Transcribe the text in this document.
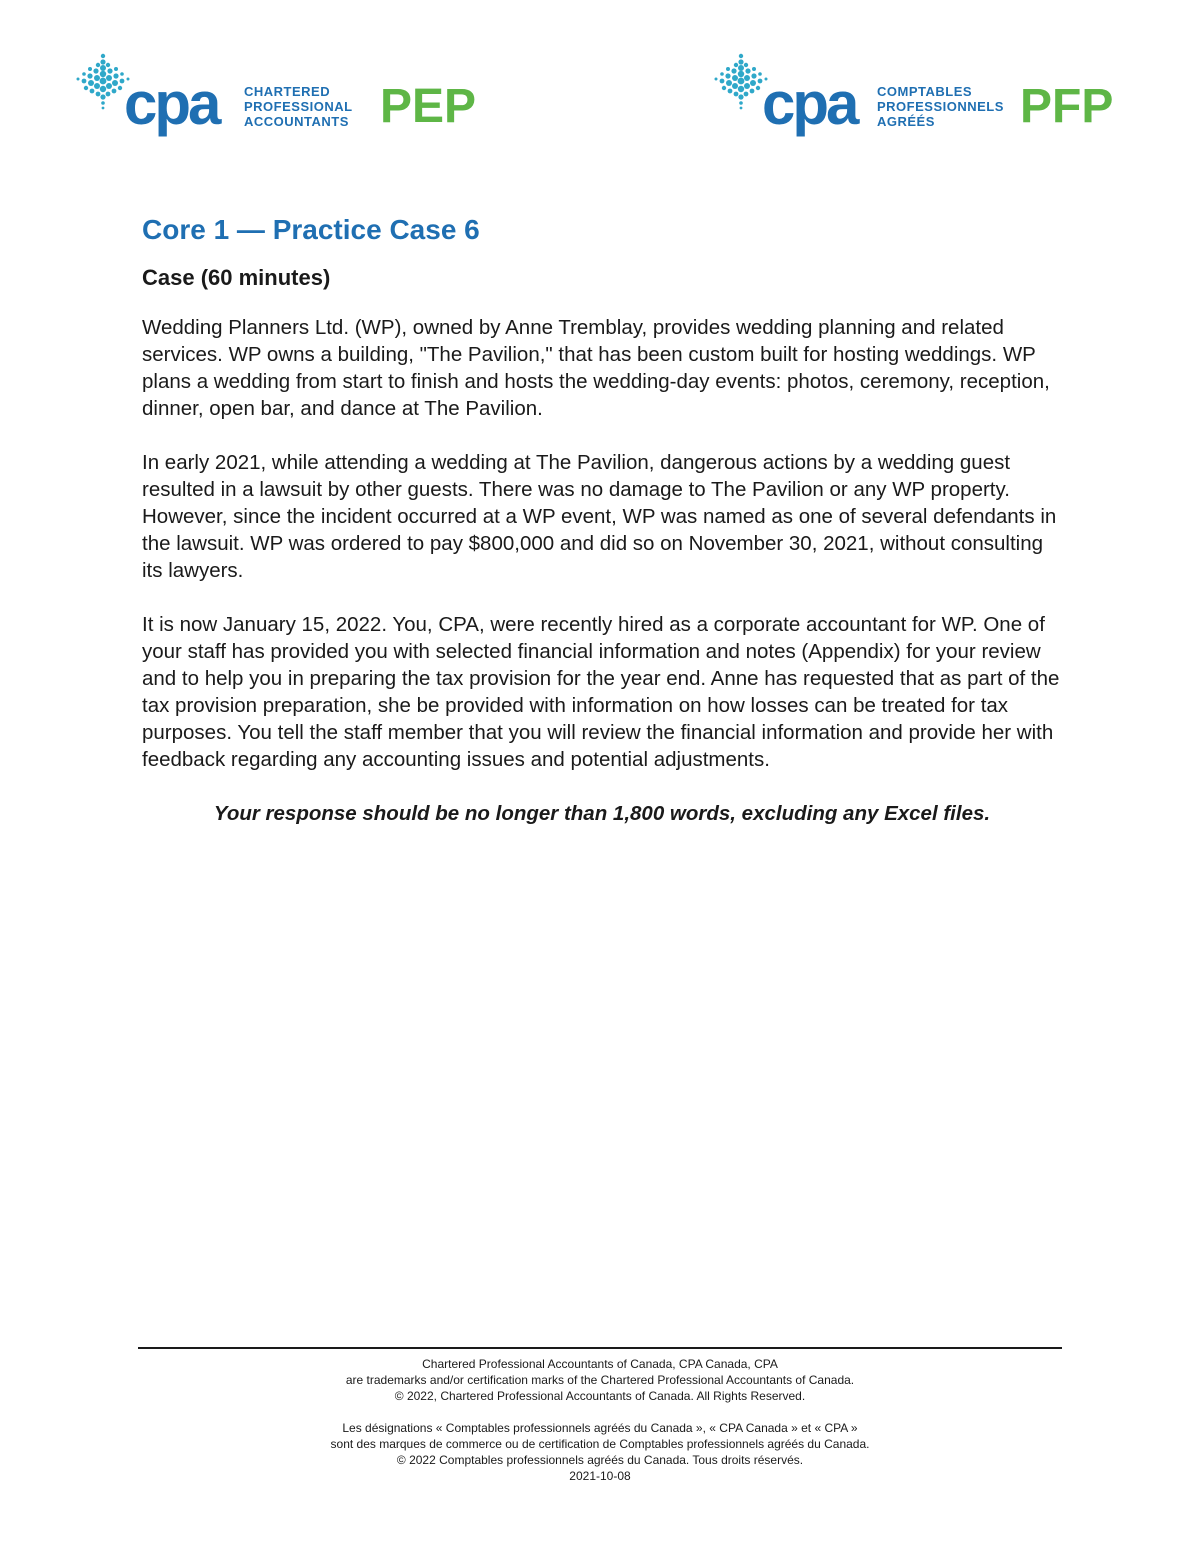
cpa CHARTERED
PROFESSIONAL
ACCOUNTANTS PEP	cpa COMPTABLES
PROFESSIONNELS
AGRÉÉS	PFP
Core 1 — Practice Case 6
Case (60 minutes)

Wedding Planners Ltd. (WP), owned by Anne Tremblay, provides wedding planning and related services. WP owns a building, "The Pavilion," that has been custom built for hosting weddings. WP plans a wedding from start to finish and hosts the wedding-day events: photos, ceremony, reception, dinner, open bar, and dance at The Pavilion.

In early 2021, while attending a wedding at The Pavilion, dangerous actions by a wedding guest resulted in a lawsuit by other guests. There was no damage to The Pavilion or any WP property. However, since the incident occurred at a WP event, WP was named as one of several defendants in the lawsuit. WP was ordered to pay $800,000 and did so on November 30, 2021, without consulting its lawyers.

It is now January 15, 2022. You, CPA, were recently hired as a corporate accountant for WP. One of your staff has provided you with selected financial information and notes (Appendix) for your review and to help you in preparing the tax provision for the year end. Anne has requested that as part of the tax provision preparation, she be provided with information on how losses can be treated for tax purposes. You tell the staff member that you will review the financial information and provide her with feedback regarding any accounting issues and potential adjustments.

Your response should be no longer than 1,800 words, excluding any Excel files.

Chartered Professional Accountants of Canada, CPA Canada, CPA
are trademarks and/or certification marks of the Chartered Professional Accountants of Canada.
© 2022, Chartered Professional Accountants of Canada. All Rights Reserved.
Les désignations « Comptables professionnels agréés du Canada », « CPA Canada » et « CPA »
sont des marques de commerce ou de certification de Comptables professionnels agréés du Canada.
© 2022 Comptables professionnels agréés du Canada. Tous droits réservés.
2021-10-08
